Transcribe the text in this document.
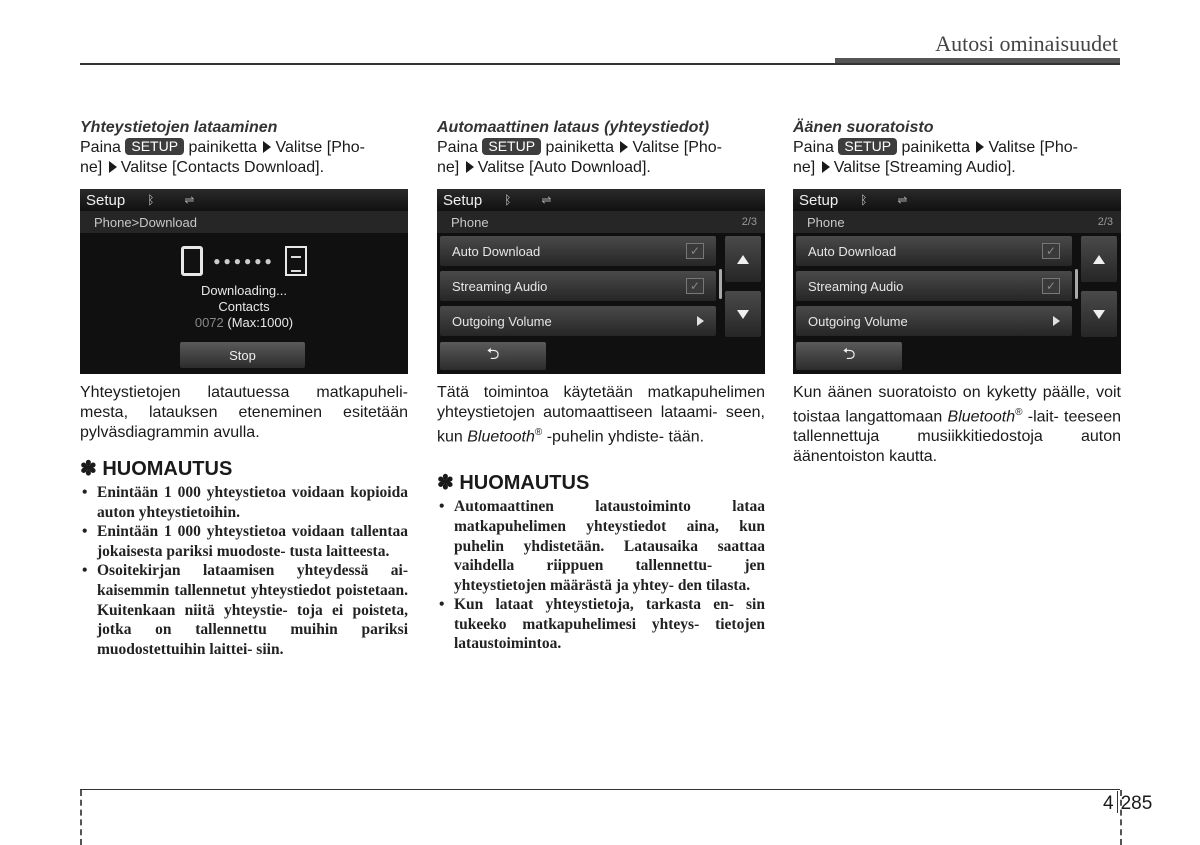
Autosi ominaisuudet
Yhteystietojen lataaminen
Paina SETUP painiketta Valitse [Pho-
ne] Valitse [Contacts Download].
Setup ᛒ	⇌
Phone>Download
●●●●●●
Downloading...
Contacts
0072 (Max:1000)
Stop
Yhteystietojen latautuessa matkapuheli- mesta, latauksen eteneminen esitetään pylväsdiagrammin avulla.
✽ HUOMAUTUS
• Enintään 1 000 yhteystietoa voidaan kopioida auton yhteystietoihin.
• Enintään 1 000 yhteystietoa voidaan tallentaa jokaisesta pariksi muodoste- tusta laitteesta.
• Osoitekirjan lataamisen yhteydessä ai- kaisemmin tallennetut yhteystiedot poistetaan. Kuitenkaan niitä yhteystie- toja ei poisteta, jotka on tallennettu muihin pariksi muodostettuihin laittei- siin.
Automaattinen lataus (yhteystiedot)
Paina SETUP painiketta Valitse [Pho-
ne] Valitse [Auto Download].
Setup ᛒ	⇌
Phone	2/3
Auto Download	✓
Streaming Audio	✓
Outgoing Volume
⮌
Tätä toimintoa käytetään matkapuhelimen yhteystietojen automaattiseen lataami- seen, kun Bluetooth® -puhelin yhdiste- tään.
✽ HUOMAUTUS
• Automaattinen lataustoiminto lataa matkapuhelimen yhteystiedot aina, kun puhelin yhdistetään. Latausaika saattaa vaihdella riippuen tallennettu- jen yhteystietojen määrästä ja yhtey- den tilasta.
• Kun lataat yhteystietoja, tarkasta en- sin tukeeko matkapuhelimesi yhteys- tietojen lataustoimintoa.
Äänen suoratoisto
Paina SETUP painiketta Valitse [Pho-
ne] Valitse [Streaming Audio].
Setup ᛒ	⇌
Phone	2/3
Auto Download	✓
Streaming Audio	✓
Outgoing Volume
⮌
Kun äänen suoratoisto on kyketty päälle, voit toistaa langattomaan Bluetooth® -lait- teeseen tallennettuja musiikkitiedostoja auton äänentoiston kautta.
4 285
